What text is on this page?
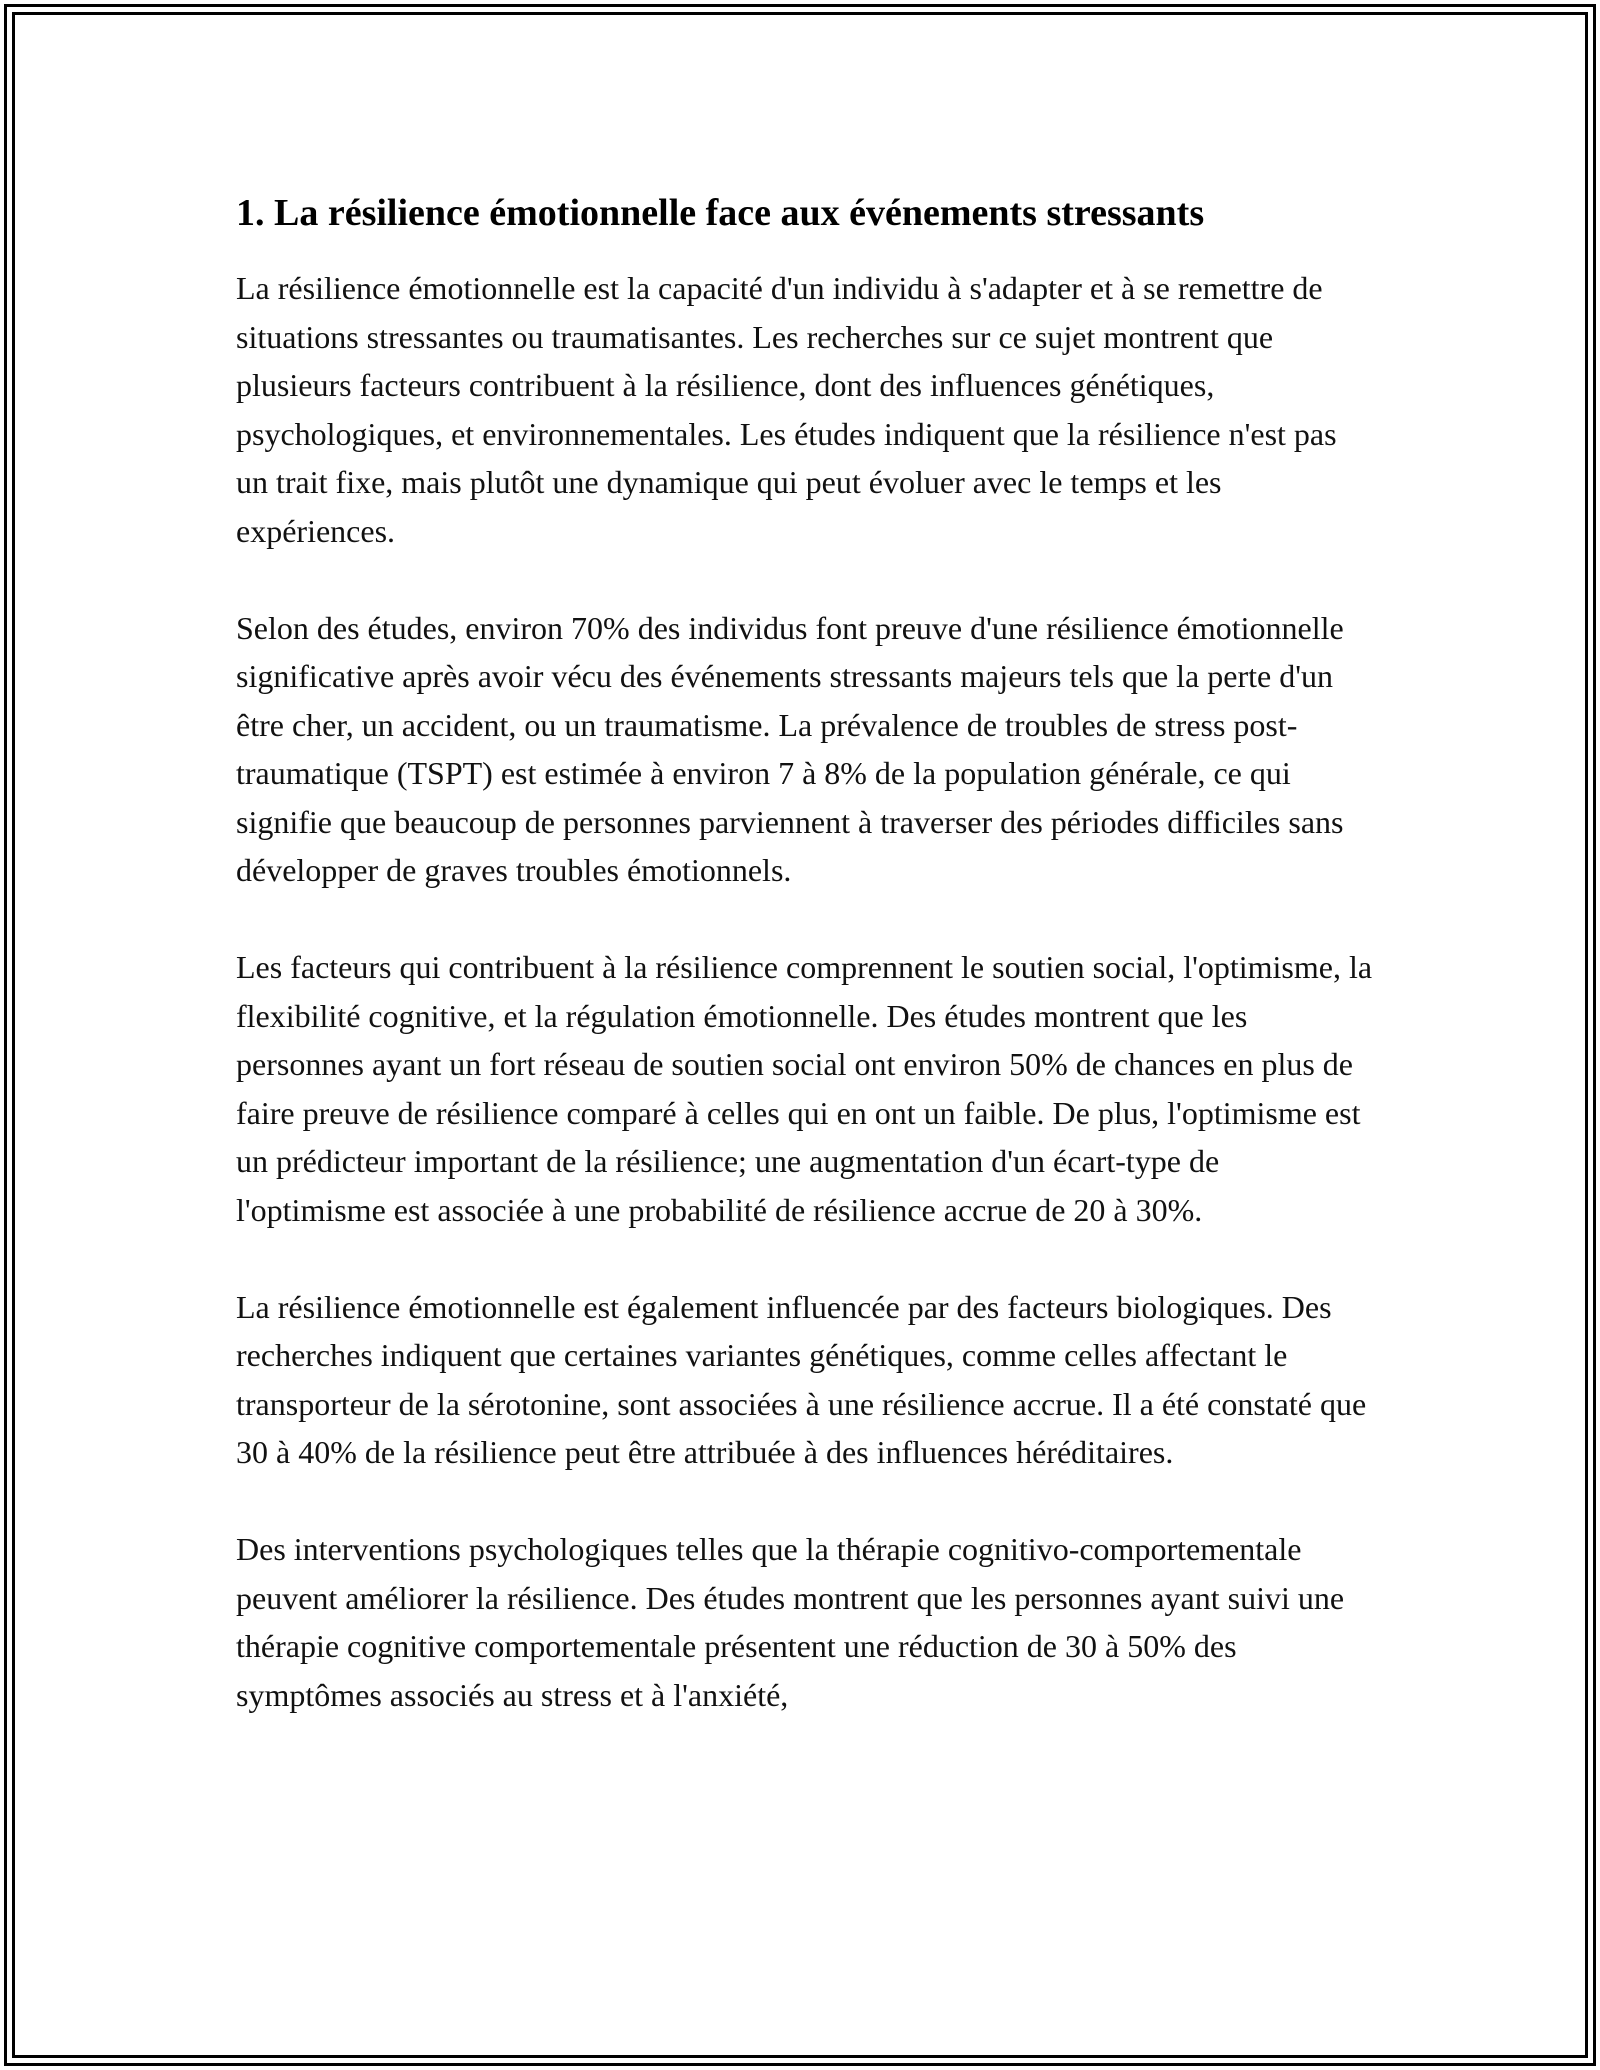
1. La résilience émotionnelle face aux événements stressants

La résilience émotionnelle est la capacité d'un individu à s'adapter et à se remettre de situations stressantes ou traumatisantes. Les recherches sur ce sujet montrent que plusieurs facteurs contribuent à la résilience, dont des influences génétiques, psychologiques, et environnementales. Les études indiquent que la résilience n'est pas un trait fixe, mais plutôt une dynamique qui peut évoluer avec le temps et les expériences.

Selon des études, environ 70% des individus font preuve d'une résilience émotionnelle significative après avoir vécu des événements stressants majeurs tels que la perte d'un être cher, un accident, ou un traumatisme. La prévalence de troubles de stress post-traumatique (TSPT) est estimée à environ 7 à 8% de la population générale, ce qui signifie que beaucoup de personnes parviennent à traverser des périodes difficiles sans développer de graves troubles émotionnels.

Les facteurs qui contribuent à la résilience comprennent le soutien social, l'optimisme, la flexibilité cognitive, et la régulation émotionnelle. Des études montrent que les personnes ayant un fort réseau de soutien social ont environ 50% de chances en plus de faire preuve de résilience comparé à celles qui en ont un faible. De plus, l'optimisme est un prédicteur important de la résilience; une augmentation d'un écart-type de l'optimisme est associée à une probabilité de résilience accrue de 20 à 30%.

La résilience émotionnelle est également influencée par des facteurs biologiques. Des recherches indiquent que certaines variantes génétiques, comme celles affectant le transporteur de la sérotonine, sont associées à une résilience accrue. Il a été constaté que 30 à 40% de la résilience peut être attribuée à des influences héréditaires.

Des interventions psychologiques telles que la thérapie cognitivo-comportementale peuvent améliorer la résilience. Des études montrent que les personnes ayant suivi une thérapie cognitive comportementale présentent une réduction de 30 à 50% des symptômes associés au stress et à l'anxiété,
